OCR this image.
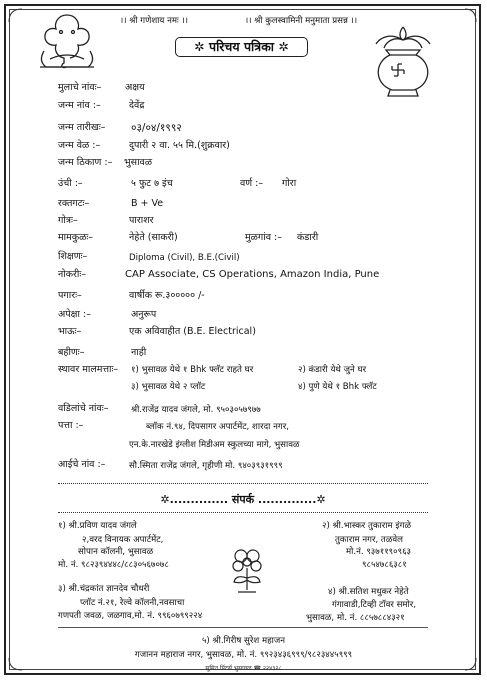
।। श्री गणेशाय नमः ।।	।। श्री कुलस्वामिनी मनुमाता प्रसन्न ।।
✲ परिचय पत्रिका ✲
मुलाचे नांवः– अक्षय
जन्म नांव :–	देवेंद्र
जन्म तारीखः– ०३/०४/१९९२
जन्म वेळ :–	दुपारी २ वा. ५५ मि.(शुक्रवार)
जन्म ठिकाण :– भुसावळ
उंची :–	५ फुट ७ इंच	वर्ण :– गोरा
रक्तगटः–	B + Ve
गोत्रः–	पाराशर
मामकुळः–	नेहेते (साकरी)	मुळगांव :– कंडारी
शिक्षणः–	Diploma (Civil), B.E.(Civil)
नोकरीः–	CAP Associate, CS Operations, Amazon India, Pune
पगारः–	वार्षीक रू.३००००० /-
अपेक्षा :–	अनुरूप
भाऊः–	एक अविवाहीत (B.E. Electrical)
बहीणः–	नाही
स्थावर मालमत्ताः– १) भुसावळ येथे १ Bhk फ्लॅट राहते घर	२) कंडारी येथे जुने घर
३) भुसावळ येथे २ प्लॉट	४) पुणे येथे १ Bhk फ्लॅट
वडिलांचे नांवः–	श्री.राजेंद्र यादव जंगले, मो. ९५०३०५७९७७
पत्ता :–	ब्लॉक नं.९४, दिपसागर अपार्टमेंट, शारदा नगर,
एन.के.नारखेडे इंग्लीश मिडीअम स्कुलच्या मागे, भुसावळ
आईचे नांव :–	सौ.स्मिता राजेंद्र जंगले, गृहीणी मो. ९४०३९३१९९९
✲.............. संपर्क ..............✲
१) श्री.प्रविण यादव जंगले
२,वरद विनायक अपार्टमेंट,
सोपान कॉलनी, भुसावळ
मो. नं. ९८२३९४४४८/८८३०५६७०७८
२) श्री.भास्कर तुकाराम इंगळे
तुकाराम नगर, तळवेल
मो.नं. ९३७११९०९६३
९८५४७८६३८१
३) श्री.चंद्रकांत ज्ञानदेव चौधरी
प्लॉट नं.२१, रेल्वे कॉलनी,नवसाचा
गणपती जवळ, जळगाव,मो. नं. ९९६०७९९२२४
४) श्री.सतिश मधुकर नेहेते
गंगावाडी,टिव्ही टॉवर समोर,
भुसावळ, मो. नं. ८८५७८८४३२१
५) श्री.गिरीष सुरेश महाजन
गजानन महाराज नगर, भुसावळ, मो. नं. ९९२३४३६९९९/९८२३४४५९९९
सुमित प्रिंटर्स भुसावळ ☎ २२४३२८
